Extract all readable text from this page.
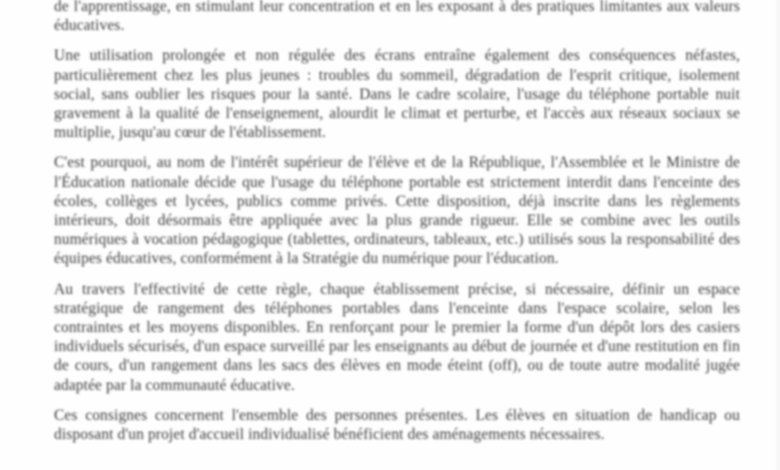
de l'apprentissage, en stimulant leur concentration et en les exposant à des pratiques limitantes aux valeurs éducatives.

Une utilisation prolongée et non régulée des écrans entraîne également des conséquences néfastes, particulièrement chez les plus jeunes : troubles du sommeil, dégradation de l'esprit critique, isolement social, sans oublier les risques pour la santé. Dans le cadre scolaire, l'usage du téléphone portable nuit gravement à la qualité de l'enseignement, alourdit le climat et perturbe, et l'accès aux réseaux sociaux se multiplie, jusqu'au cœur de l'établissement.

C'est pourquoi, au nom de l'intérêt supérieur de l'élève et de la République, l'Assemblée et le Ministre de l'Éducation nationale décide que l'usage du téléphone portable est strictement interdit dans l'enceinte des écoles, collèges et lycées, publics comme privés. Cette disposition, déjà inscrite dans les règlements intérieurs, doit désormais être appliquée avec la plus grande rigueur. Elle se combine avec les outils numériques à vocation pédagogique (tablettes, ordinateurs, tableaux, etc.) utilisés sous la responsabilité des équipes éducatives, conformément à la Stratégie du numérique pour l'éducation.

Au travers l'effectivité de cette règle, chaque établissement précise, si nécessaire, définir un espace stratégique de rangement des téléphones portables dans l'enceinte dans l'espace scolaire, selon les contraintes et les moyens disponibles. En renforçant pour le premier la forme d'un dépôt lors des casiers individuels sécurisés, d'un espace surveillé par les enseignants au début de journée et d'une restitution en fin de cours, d'un rangement dans les sacs des élèves en mode éteint (off), ou de toute autre modalité jugée adaptée par la communauté éducative.

Ces consignes concernent l'ensemble des personnes présentes. Les élèves en situation de handicap ou disposant d'un projet d'accueil individualisé bénéficient des aménagements nécessaires.
